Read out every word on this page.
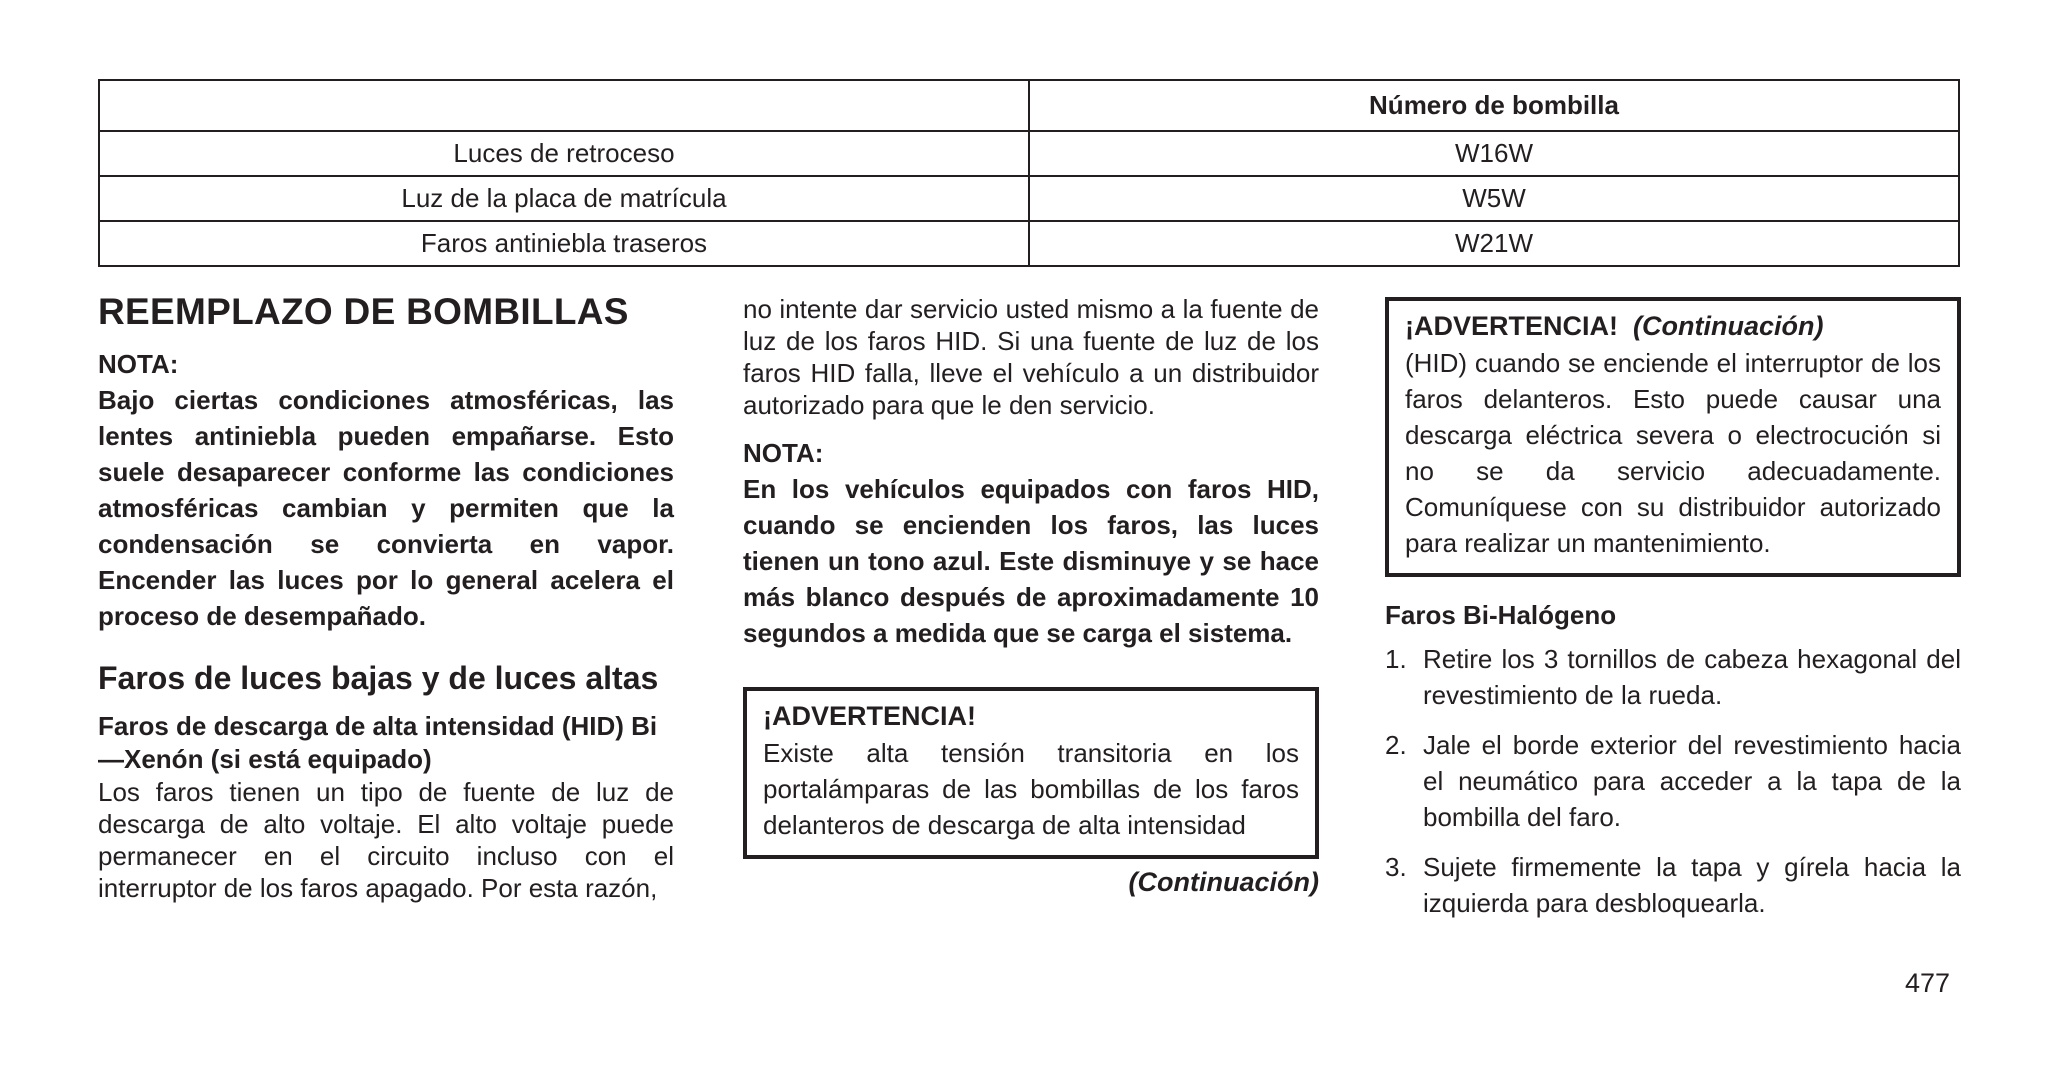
	Número de bombilla
Luces de retroceso	W16W
Luz de la placa de matrícula	W5W
Faros antiniebla traseros	W21W
REEMPLAZO DE BOMBILLAS

NOTA:

Bajo ciertas condiciones atmosféricas, las lentes antiniebla pueden empañarse. Esto suele desaparecer conforme las condiciones atmosféricas cambian y permiten que la condensación se convierta en vapor. Encender las luces por lo general acelera el proceso de desempañado.

Faros de luces bajas y de luces altas
Faros de descarga de alta intensidad (HID) Bi—Xenón (si está equipado)

Los faros tienen un tipo de fuente de luz de descarga de alto voltaje. El alto voltaje puede permanecer en el circuito incluso con el interruptor de los faros apagado. Por esta razón,

no intente dar servicio usted mismo a la fuente de luz de los faros HID. Si una fuente de luz de los faros HID falla, lleve el vehículo a un distribuidor autorizado para que le den servicio.

NOTA:

En los vehículos equipados con faros HID, cuando se encienden los faros, las luces tienen un tono azul. Este disminuye y se hace más blanco después de aproximadamente 10 segundos a medida que se carga el sistema.

¡ADVERTENCIA!

Existe alta tensión transitoria en los portalámparas de las bombillas de los faros delanteros de descarga de alta intensidad

(Continuación)

¡ADVERTENCIA! (Continuación)

(HID) cuando se enciende el interruptor de los faros delanteros. Esto puede causar una descarga eléctrica severa o electrocución si no se da servicio adecuadamente. Comuníquese con su distribuidor autorizado para realizar un mantenimiento.

Faros Bi-Halógeno
1. Retire los 3 tornillos de cabeza hexagonal del revestimiento de la rueda.
2. Jale el borde exterior del revestimiento hacia el neumático para acceder a la tapa de la bombilla del faro.
3. Sujete firmemente la tapa y gírela hacia la izquierda para desbloquearla.
477
